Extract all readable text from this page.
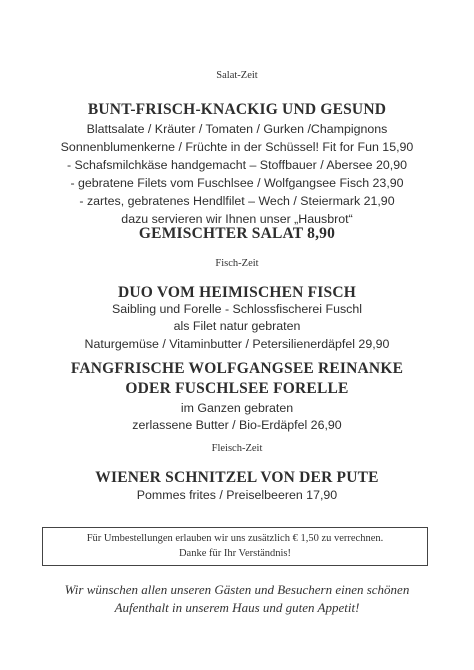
Salat-Zeit
BUNT-FRISCH-KNACKIG UND GESUND
Blattsalate / Kräuter / Tomaten / Gurken /Champignons
Sonnenblumenkerne / Früchte in der Schüssel! Fit for Fun 15,90
- Schafsmilchkäse handgemacht – Stoffbauer / Abersee 20,90
- gebratene Filets vom Fuschlsee / Wolfgangsee Fisch 23,90
- zartes, gebratenes Hendlfilet – Wech / Steiermark 21,90
dazu servieren wir Ihnen unser „Hausbrot“
GEMISCHTER SALAT 8,90
Fisch-Zeit
DUO VOM HEIMISCHEN FISCH
Saibling und Forelle - Schlossfischerei Fuschl
als Filet natur gebraten
Naturgemüse / Vitaminbutter / Petersilienerdäpfel 29,90
FANGFRISCHE WOLFGANGSEE REINANKE
ODER FUSCHLSEE FORELLE
im Ganzen gebraten
zerlassene Butter / Bio-Erdäpfel 26,90
Fleisch-Zeit
WIENER SCHNITZEL VON DER PUTE
Pommes frites / Preiselbeeren 17,90
Für Umbestellungen erlauben wir uns zusätzlich € 1,50 zu verrechnen.
Danke für Ihr Verständnis!
Wir wünschen allen unseren Gästen und Besuchern einen schönen
Aufenthalt in unserem Haus und guten Appetit!
